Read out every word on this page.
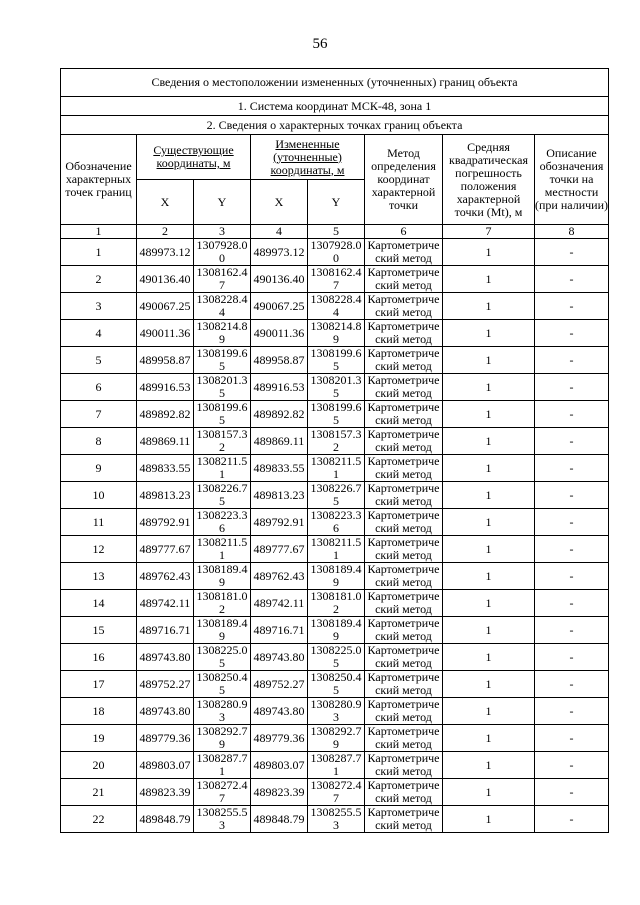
56
Сведения о местоположении измененных (уточненных) границ объекта							
1. Система координат МСК-48, зона 1							
2. Сведения о характерных точках границ объекта							
Обозначение характерных точек границ	Существующие координаты, м		Измененные (уточненные) координаты, м		Метод определения координат характерной точки	Средняя квадратическая погрешность положения характерной точки (Mt), м	Описание обозначения точки на местности (при наличии)
	X	Y	X	Y			
1	2	3	4	5	6	7	8
1	489973.12	1307928.00	489973.12	1307928.00	Картометрический метод	1	-
2	490136.40	1308162.47	490136.40	1308162.47	Картометрический метод	1	-
3	490067.25	1308228.44	490067.25	1308228.44	Картометрический метод	1	-
4	490011.36	1308214.89	490011.36	1308214.89	Картометрический метод	1	-
5	489958.87	1308199.65	489958.87	1308199.65	Картометрический метод	1	-
6	489916.53	1308201.35	489916.53	1308201.35	Картометрический метод	1	-
7	489892.82	1308199.65	489892.82	1308199.65	Картометрический метод	1	-
8	489869.11	1308157.32	489869.11	1308157.32	Картометрический метод	1	-
9	489833.55	1308211.51	489833.55	1308211.51	Картометрический метод	1	-
10	489813.23	1308226.75	489813.23	1308226.75	Картометрический метод	1	-
11	489792.91	1308223.36	489792.91	1308223.36	Картометрический метод	1	-
12	489777.67	1308211.51	489777.67	1308211.51	Картометрический метод	1	-
13	489762.43	1308189.49	489762.43	1308189.49	Картометрический метод	1	-
14	489742.11	1308181.02	489742.11	1308181.02	Картометрический метод	1	-
15	489716.71	1308189.49	489716.71	1308189.49	Картометрический метод	1	-
16	489743.80	1308225.05	489743.80	1308225.05	Картометрический метод	1	-
17	489752.27	1308250.45	489752.27	1308250.45	Картометрический метод	1	-
18	489743.80	1308280.93	489743.80	1308280.93	Картометрический метод	1	-
19	489779.36	1308292.79	489779.36	1308292.79	Картометрический метод	1	-
20	489803.07	1308287.71	489803.07	1308287.71	Картометрический метод	1	-
21	489823.39	1308272.47	489823.39	1308272.47	Картометрический метод	1	-
22	489848.79	1308255.53	489848.79	1308255.53	Картометрический метод	1	-
